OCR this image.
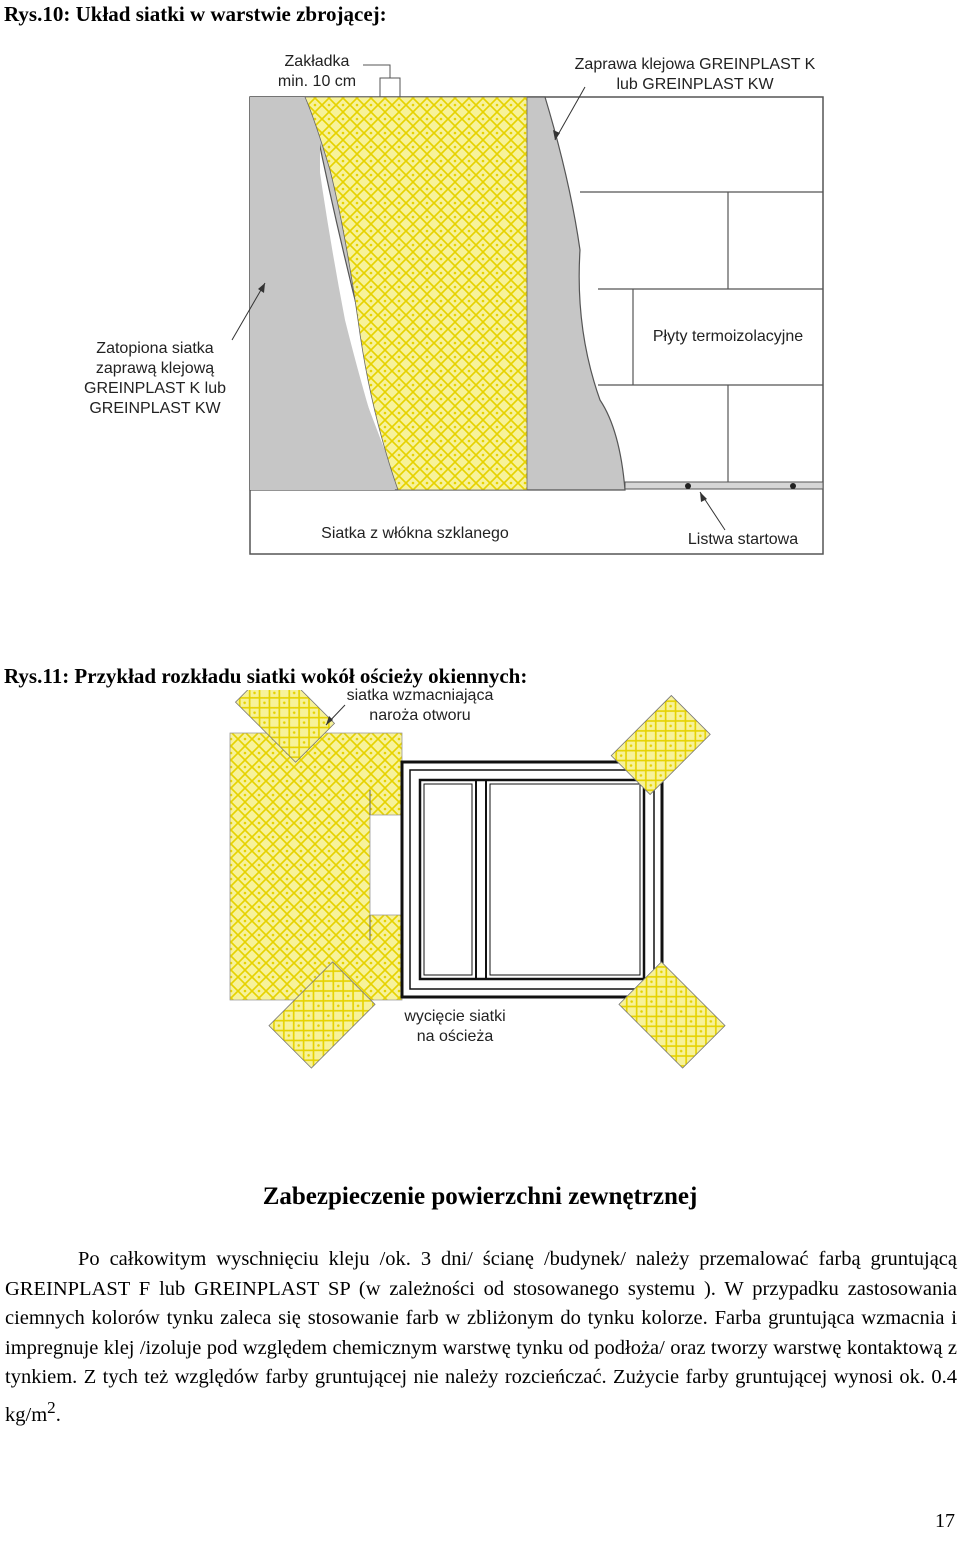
Rys.10: Układ siatki w warstwie zbrojącej:
Zakładka
min. 10 cm
Zaprawa klejowa GREINPLAST K
lub GREINPLAST KW
Zatopiona siatka
zaprawą klejową
GREINPLAST K lub
GREINPLAST KW
Płyty termoizolacyjne
Siatka z włókna szklanego	Listwa startowa
Rys.11: Przykład rozkładu siatki wokół ościeży okiennych:
siatka wzmacniająca
naroża otworu
wycięcie siatki
na ościeża
Zabezpieczenie powierzchni zewnętrznej

Po całkowitym wyschnięciu kleju /ok. 3 dni/ ścianę /budynek/ należy przemalować farbą gruntującą GREINPLAST F lub GREINPLAST SP (w zależności od stosowanego systemu ). W przypadku zastosowania ciemnych kolorów tynku zaleca się stosowanie farb w zbliżonym do tynku kolorze. Farba gruntująca wzmacnia i impregnuje klej /izoluje pod względem chemicznym warstwę tynku od podłoża/ oraz tworzy warstwę kontaktową z tynkiem. Z tych też względów farby gruntującej nie należy rozcieńczać. Zużycie farby gruntującej wynosi ok. 0.4 $kg/m^2$.

17
